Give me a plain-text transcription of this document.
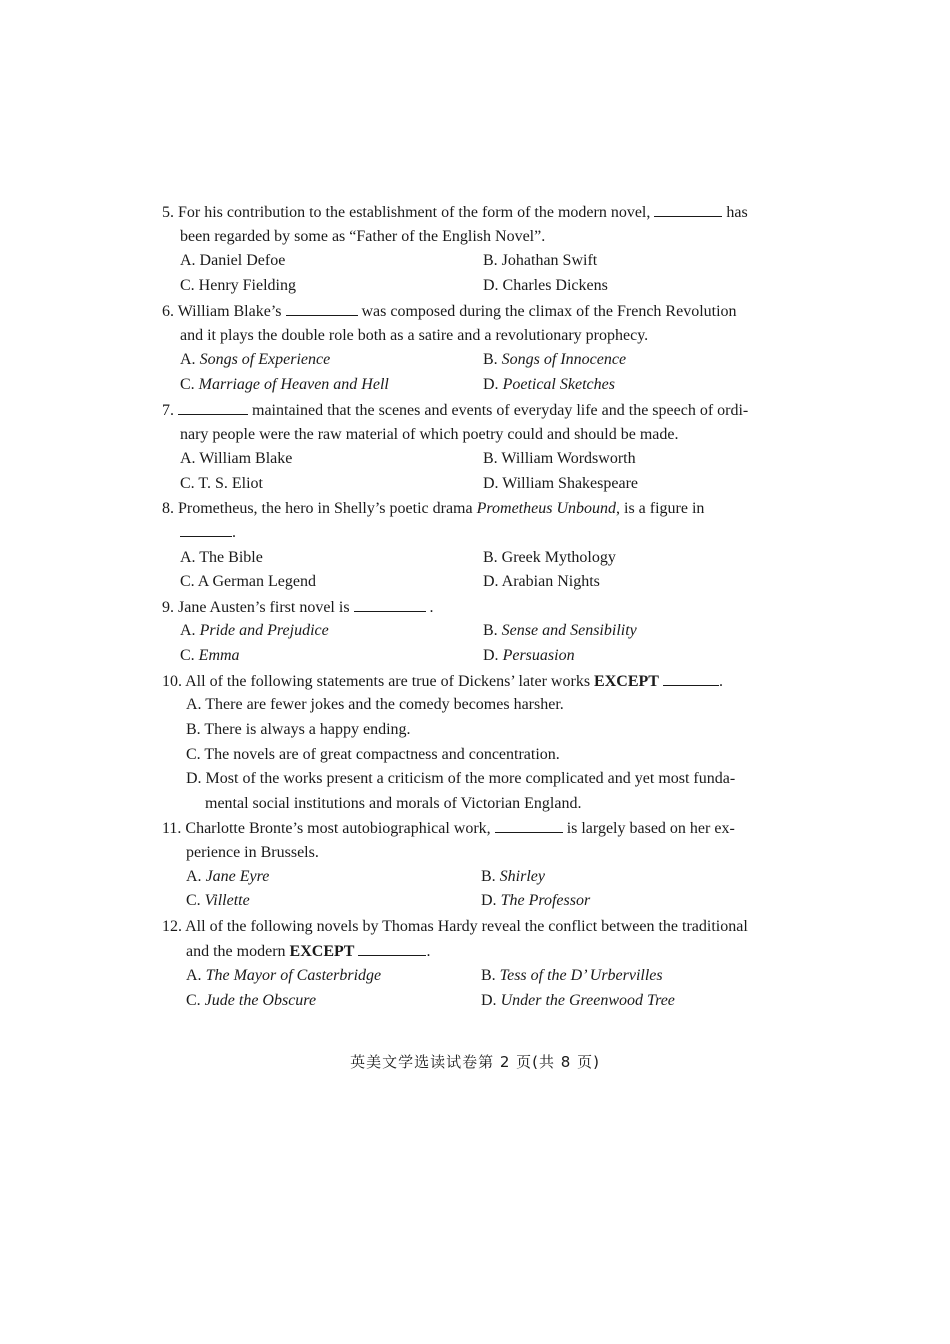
5. For his contribution to the establishment of the form of the modern novel,	has
been regarded by some as “Father of the English Novel”.
A. Daniel Defoe	B. Johathan Swift
C. Henry Fielding	D. Charles Dickens
6. William Blake’s	was composed during the climax of the French Revolution
and it plays the double role both as a satire and a revolutionary prophecy.
A. Songs of Experience	B. Songs of Innocence
C. Marriage of Heaven and Hell	D. Poetical Sketches
7.	maintained that the scenes and events of everyday life and the speech of ordi-
nary people were the raw material of which poetry could and should be made.
A. William Blake	B. William Wordsworth
C. T. S. Eliot	D. William Shakespeare
8. Prometheus, the hero in Shelly’s poetic drama Prometheus Unbound, is a figure in
.
A. The Bible	B. Greek Mythology
C. A German Legend	D. Arabian Nights
9. Jane Austen’s first novel is	.
A. Pride and Prejudice	B. Sense and Sensibility
C. Emma	D. Persuasion
10. All of the following statements are true of Dickens’ later works EXCEPT	.
A. There are fewer jokes and the comedy becomes harsher.
B. There is always a happy ending.
C. The novels are of great compactness and concentration.
D. Most of the works present a criticism of the more complicated and yet most funda-
mental social institutions and morals of Victorian England.
11. Charlotte Bronte’s most autobiographical work,	is largely based on her ex-
perience in Brussels.
A. Jane Eyre	B. Shirley
C. Villette	D. The Professor
12. All of the following novels by Thomas Hardy reveal the conflict between the traditional
and the modern EXCEPT	.
A. The Mayor of Casterbridge	B. Tess of the D’ Urbervilles
C. Jude the Obscure	D. Under the Greenwood Tree
英美文学选读试卷第 2 页(共 8 页)
